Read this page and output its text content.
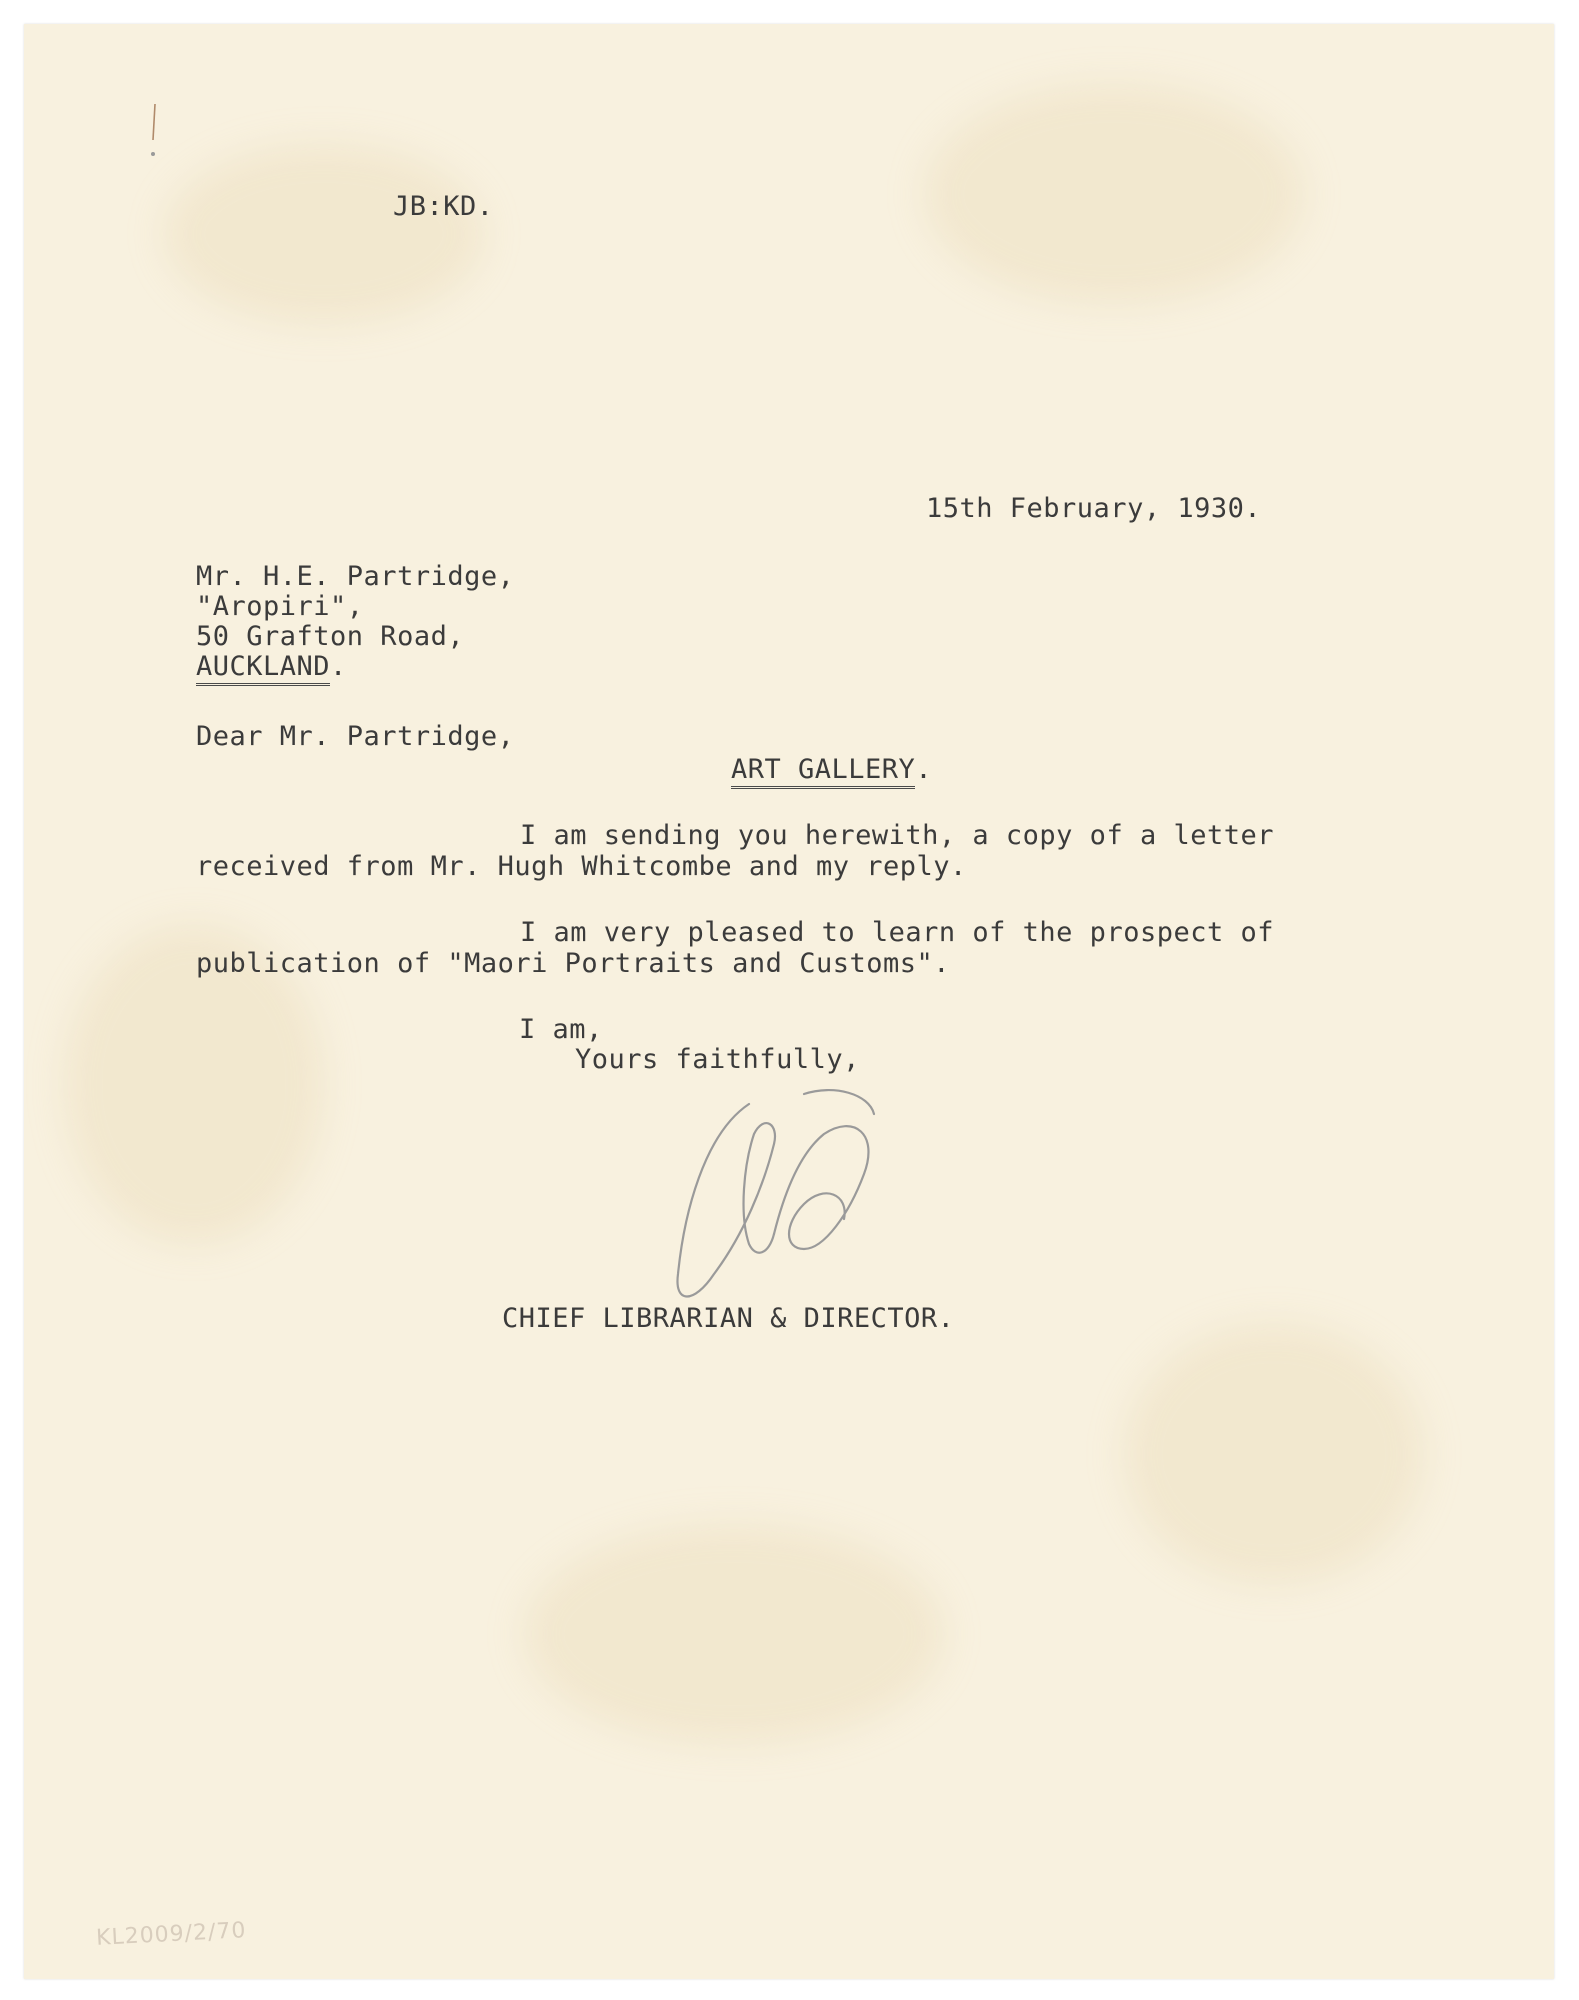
JB:KD.
15th February, 1930.
Mr. H.E. Partridge,
"Aropiri",
50 Grafton Road,
AUCKLAND.
Dear Mr. Partridge,
ART GALLERY.
I am sending you herewith, a copy of a letter
received from Mr. Hugh Whitcombe and my reply.
I am very pleased to learn of the prospect of
publication of "Maori Portraits and Customs".
I am,
Yours faithfully,
CHIEF LIBRARIAN & DIRECTOR.
KL2009/2/70
